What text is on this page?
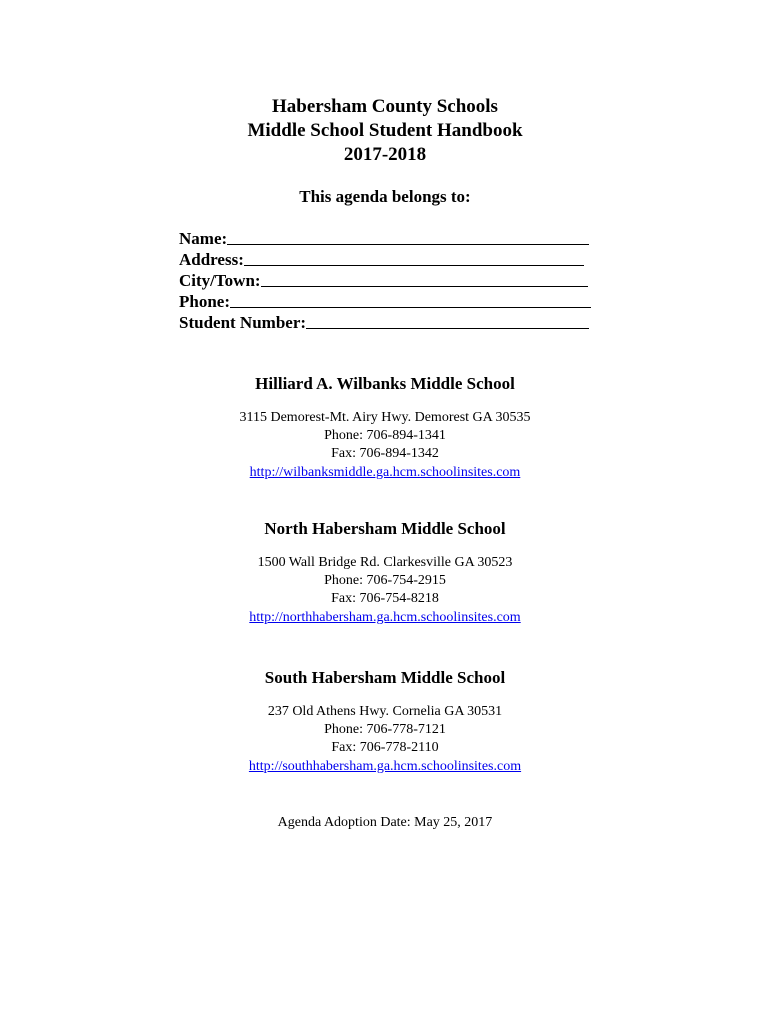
Habersham County Schools
Middle School Student Handbook
2017-2018
This agenda belongs to:
Name:
Address:
City/Town:
Phone:
Student Number:

Hilliard A. Wilbanks Middle School

3115 Demorest-Mt. Airy Hwy. Demorest GA 30535

Phone: 706-894-1341

Fax: 706-894-1342

http://wilbanksmiddle.ga.hcm.schoolinsites.com

North Habersham Middle School

1500 Wall Bridge Rd. Clarkesville GA 30523

Phone: 706-754-2915

Fax: 706-754-8218

http://northhabersham.ga.hcm.schoolinsites.com

South Habersham Middle School

237 Old Athens Hwy. Cornelia GA 30531

Phone: 706-778-7121

Fax: 706-778-2110

http://southhabersham.ga.hcm.schoolinsites.com
Agenda Adoption Date: May 25, 2017
